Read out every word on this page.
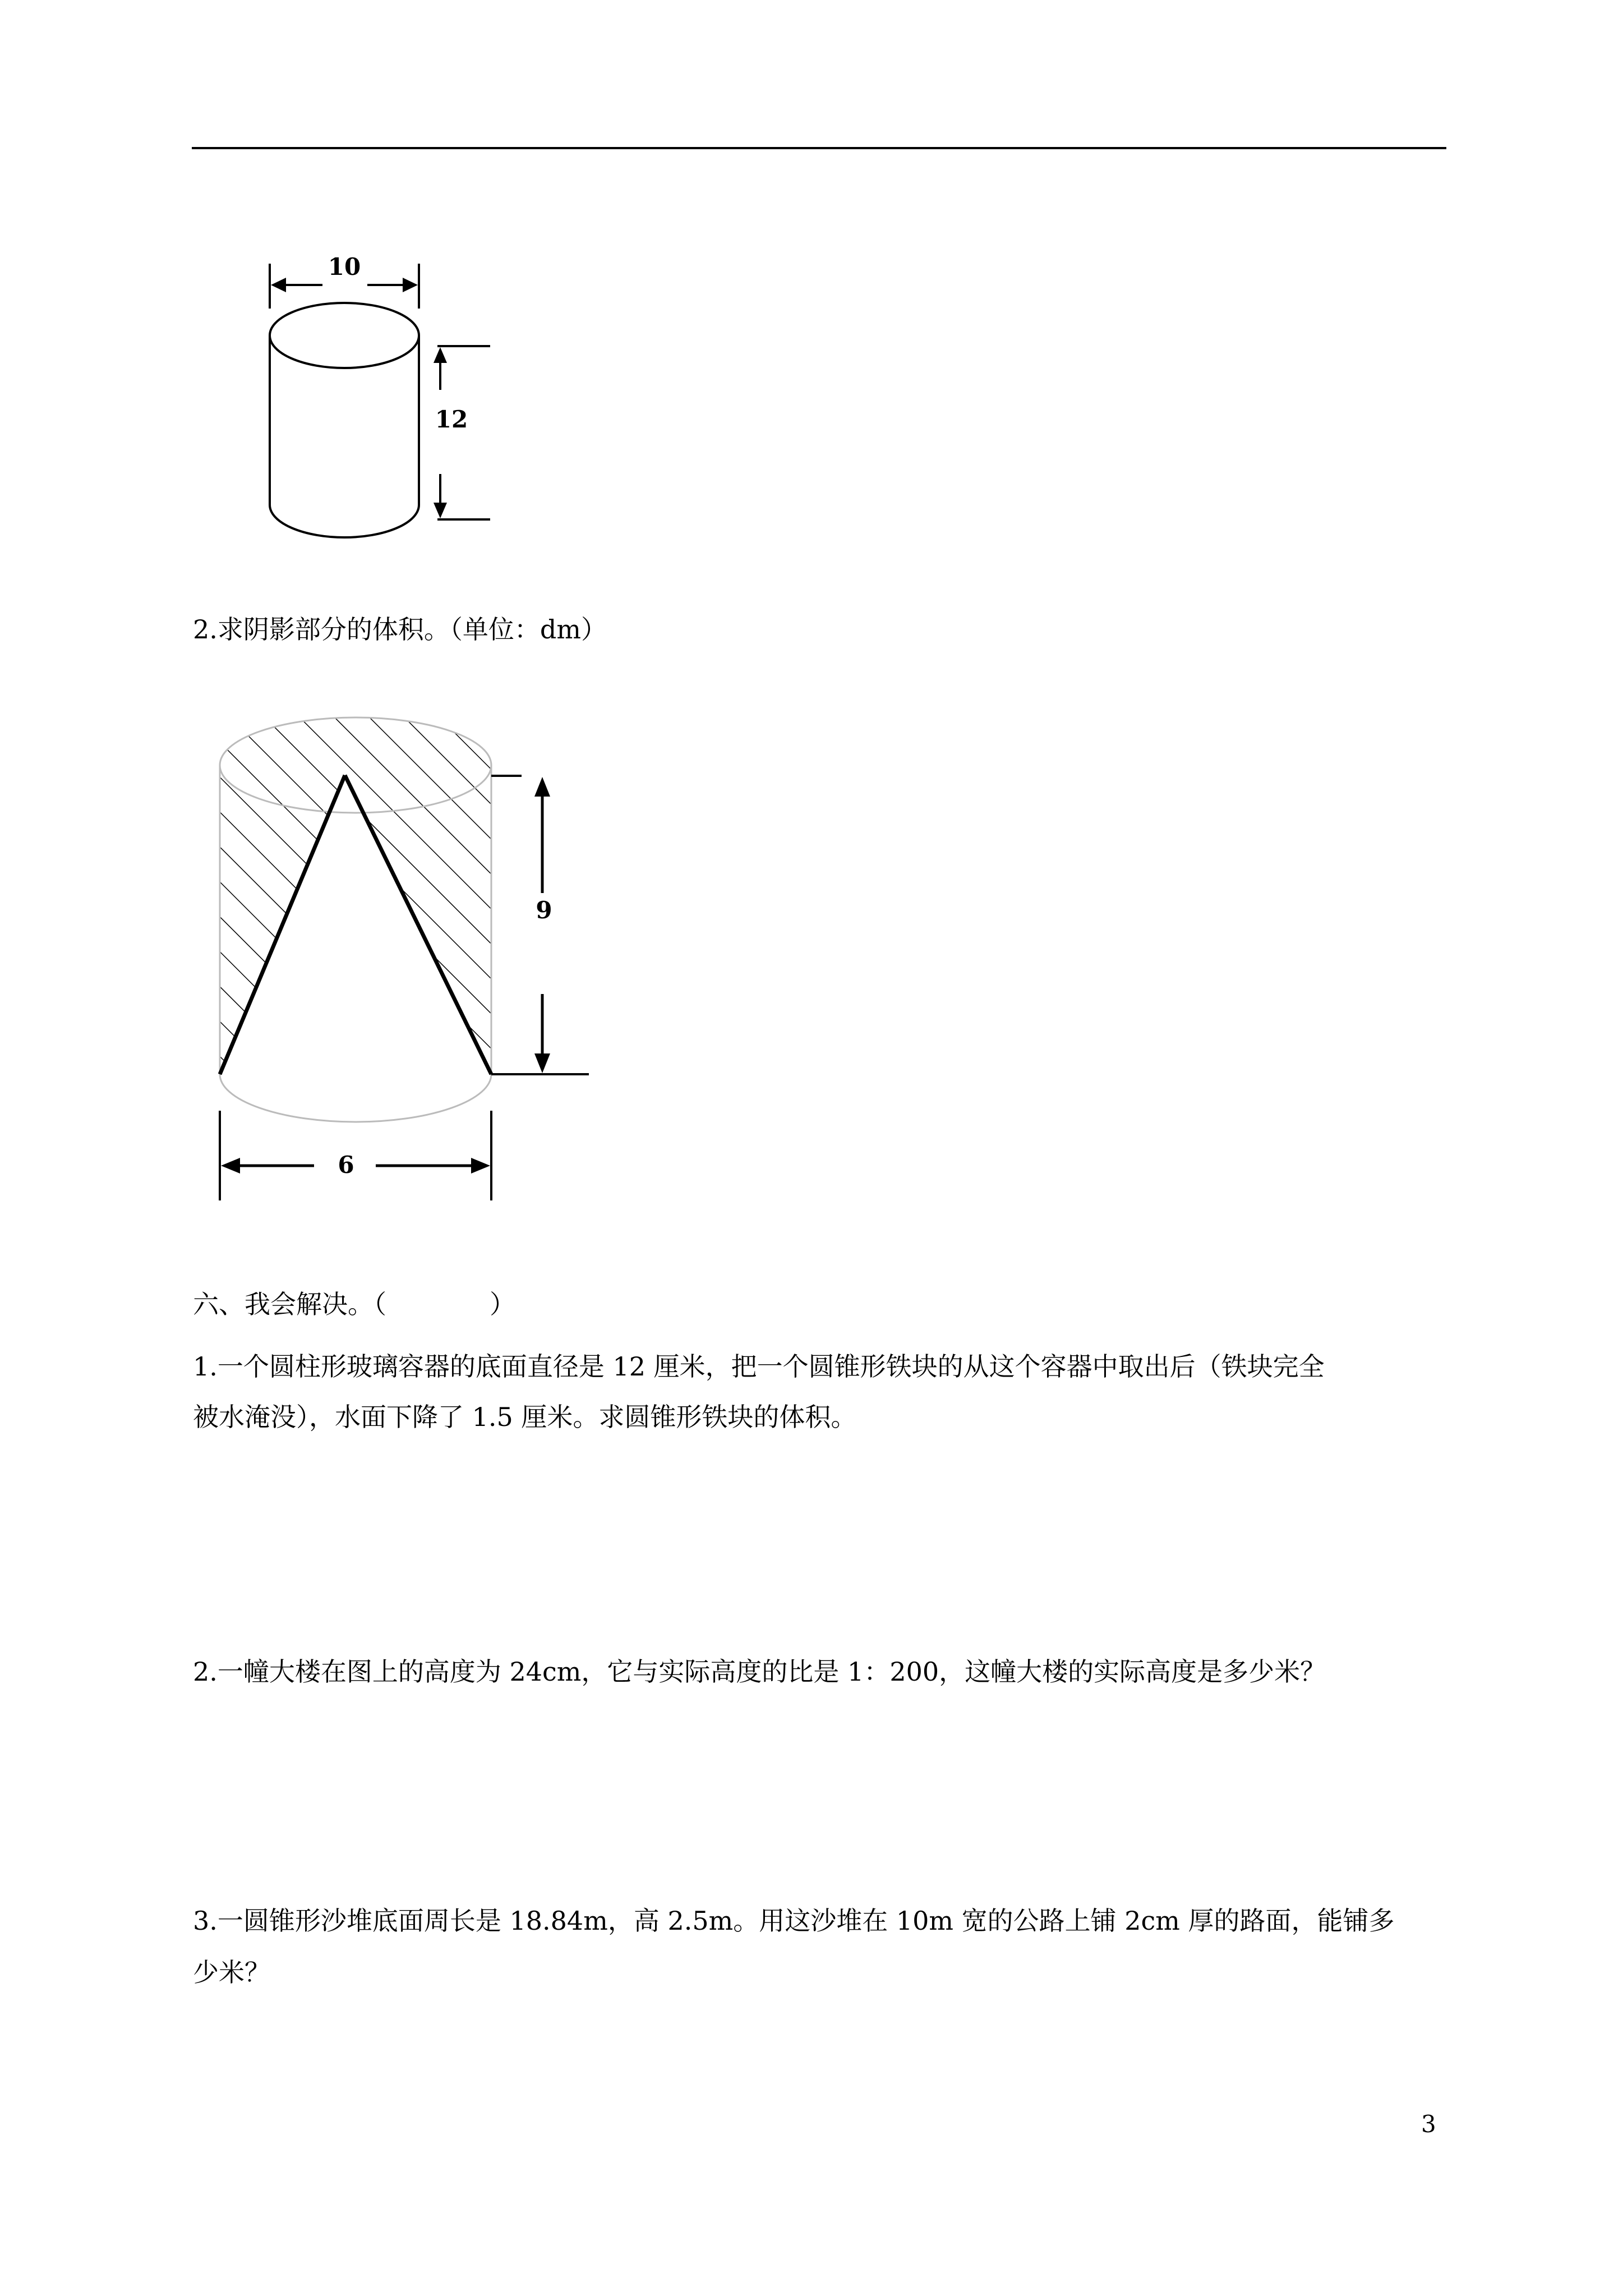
10
12
2.求阴影部分的体积。（单位：dm）
9
6
六、我会解决。（　　　　）
1.一个圆柱形玻璃容器的底面直径是 12 厘米，把一个圆锥形铁块的从这个容器中取出后（铁块完全
被水淹没），水面下降了 1.5 厘米。求圆锥形铁块的体积。
2.一幢大楼在图上的高度为 24cm，它与实际高度的比是 1：200，这幢大楼的实际高度是多少米？
3.一圆锥形沙堆底面周长是 18.84m，高 2.5m。用这沙堆在 10m 宽的公路上铺 2cm 厚的路面，能铺多
少米？
3
